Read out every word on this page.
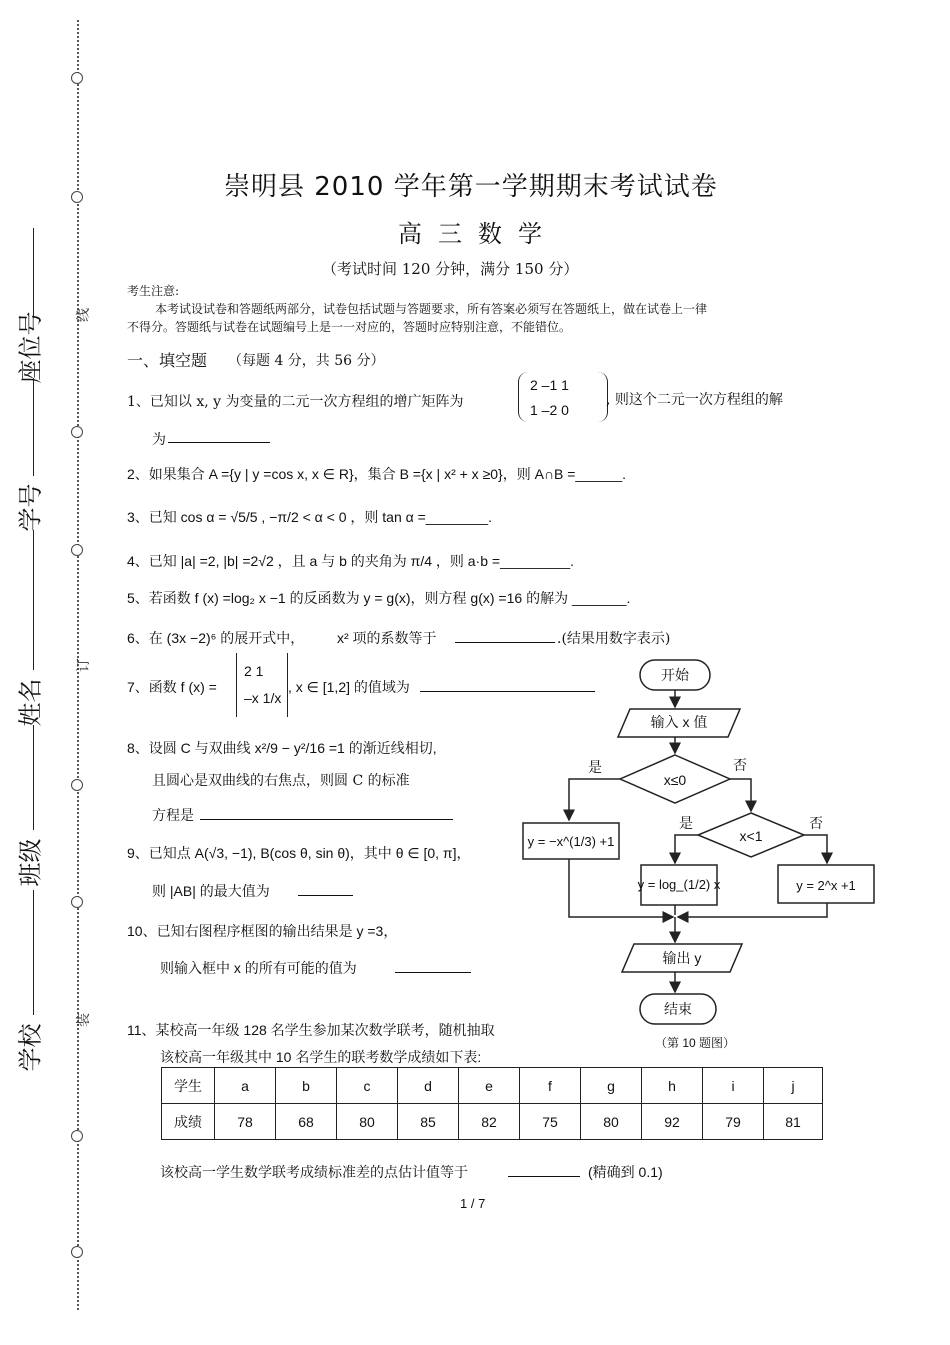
线
订
装
学校
班级
姓名
学号
座位号
崇明县 2010 学年第一学期期末考试试卷
高三数学
（考试时间 120 分钟，满分 150 分）
考生注意:
本考试设试卷和答题纸两部分，试卷包括试题与答题要求，所有答案必须写在答题纸上，做在试卷上一律
不得分。答题纸与试卷在试题编号上是一一对应的，答题时应特别注意，不能错位。
一、填空题 （每题 4 分，共 56 分）
1、已知以 x, y 为变量的二元一次方程组的增广矩阵为
2 –1 1
1 –2 0
, 则这个二元一次方程组的解
为
2、如果集合 A ={y | y =cos x, x ∈ R}，集合 B ={x | x² + x ≥0}，则 A∩B =______.
3、已知 cos α = √5/5 , −π/2 < α < 0 ，则 tan α =________.
4、已知 |a| =2, |b| =2√2 ，且 a 与 b 的夹角为 π/4 ，则 a·b =_________.
5、若函数 f (x) =log₂ x −1 的反函数为 y = g(x)，则方程 g(x) =16 的解为 _______.
6、在 (3x −2)⁶ 的展开式中， x² 项的系数等于	.(结果用数字表示)
7、函数 f (x) =
2 1
–x 1/x
, x ∈ [1,2] 的值域为
8、设圆 C 与双曲线 x²/9 − y²/16 =1 的渐近线相切,
且圆心是双曲线的右焦点，则圆 C 的标准
方程是
9、已知点 A(√3, −1), B(cos θ, sin θ)，其中 θ ∈ [0, π]，
则 |AB| 的最大值为
10、已知右图程序框图的输出结果是 y =3，
则输入框中 x 的所有可能的值为
开始
输入 x 值
x≤0
是	否
x<1
是	否
y = −x^(1/3) +1
y = log_(1/2) x	y = 2^x +1
输出 y
结束
（第 10 题图）
11、某校高一年级 128 名学生参加某次数学联考，随机抽取
该校高一年级其中 10 名学生的联考数学成绩如下表:
学生	a	b	c	d	e	f	g	h	i	j
成绩	78	68	80	85	82	75	80	92	79	81
该校高一学生数学联考成绩标准差的点估计值等于	(精确到 0.1)
1 / 7
